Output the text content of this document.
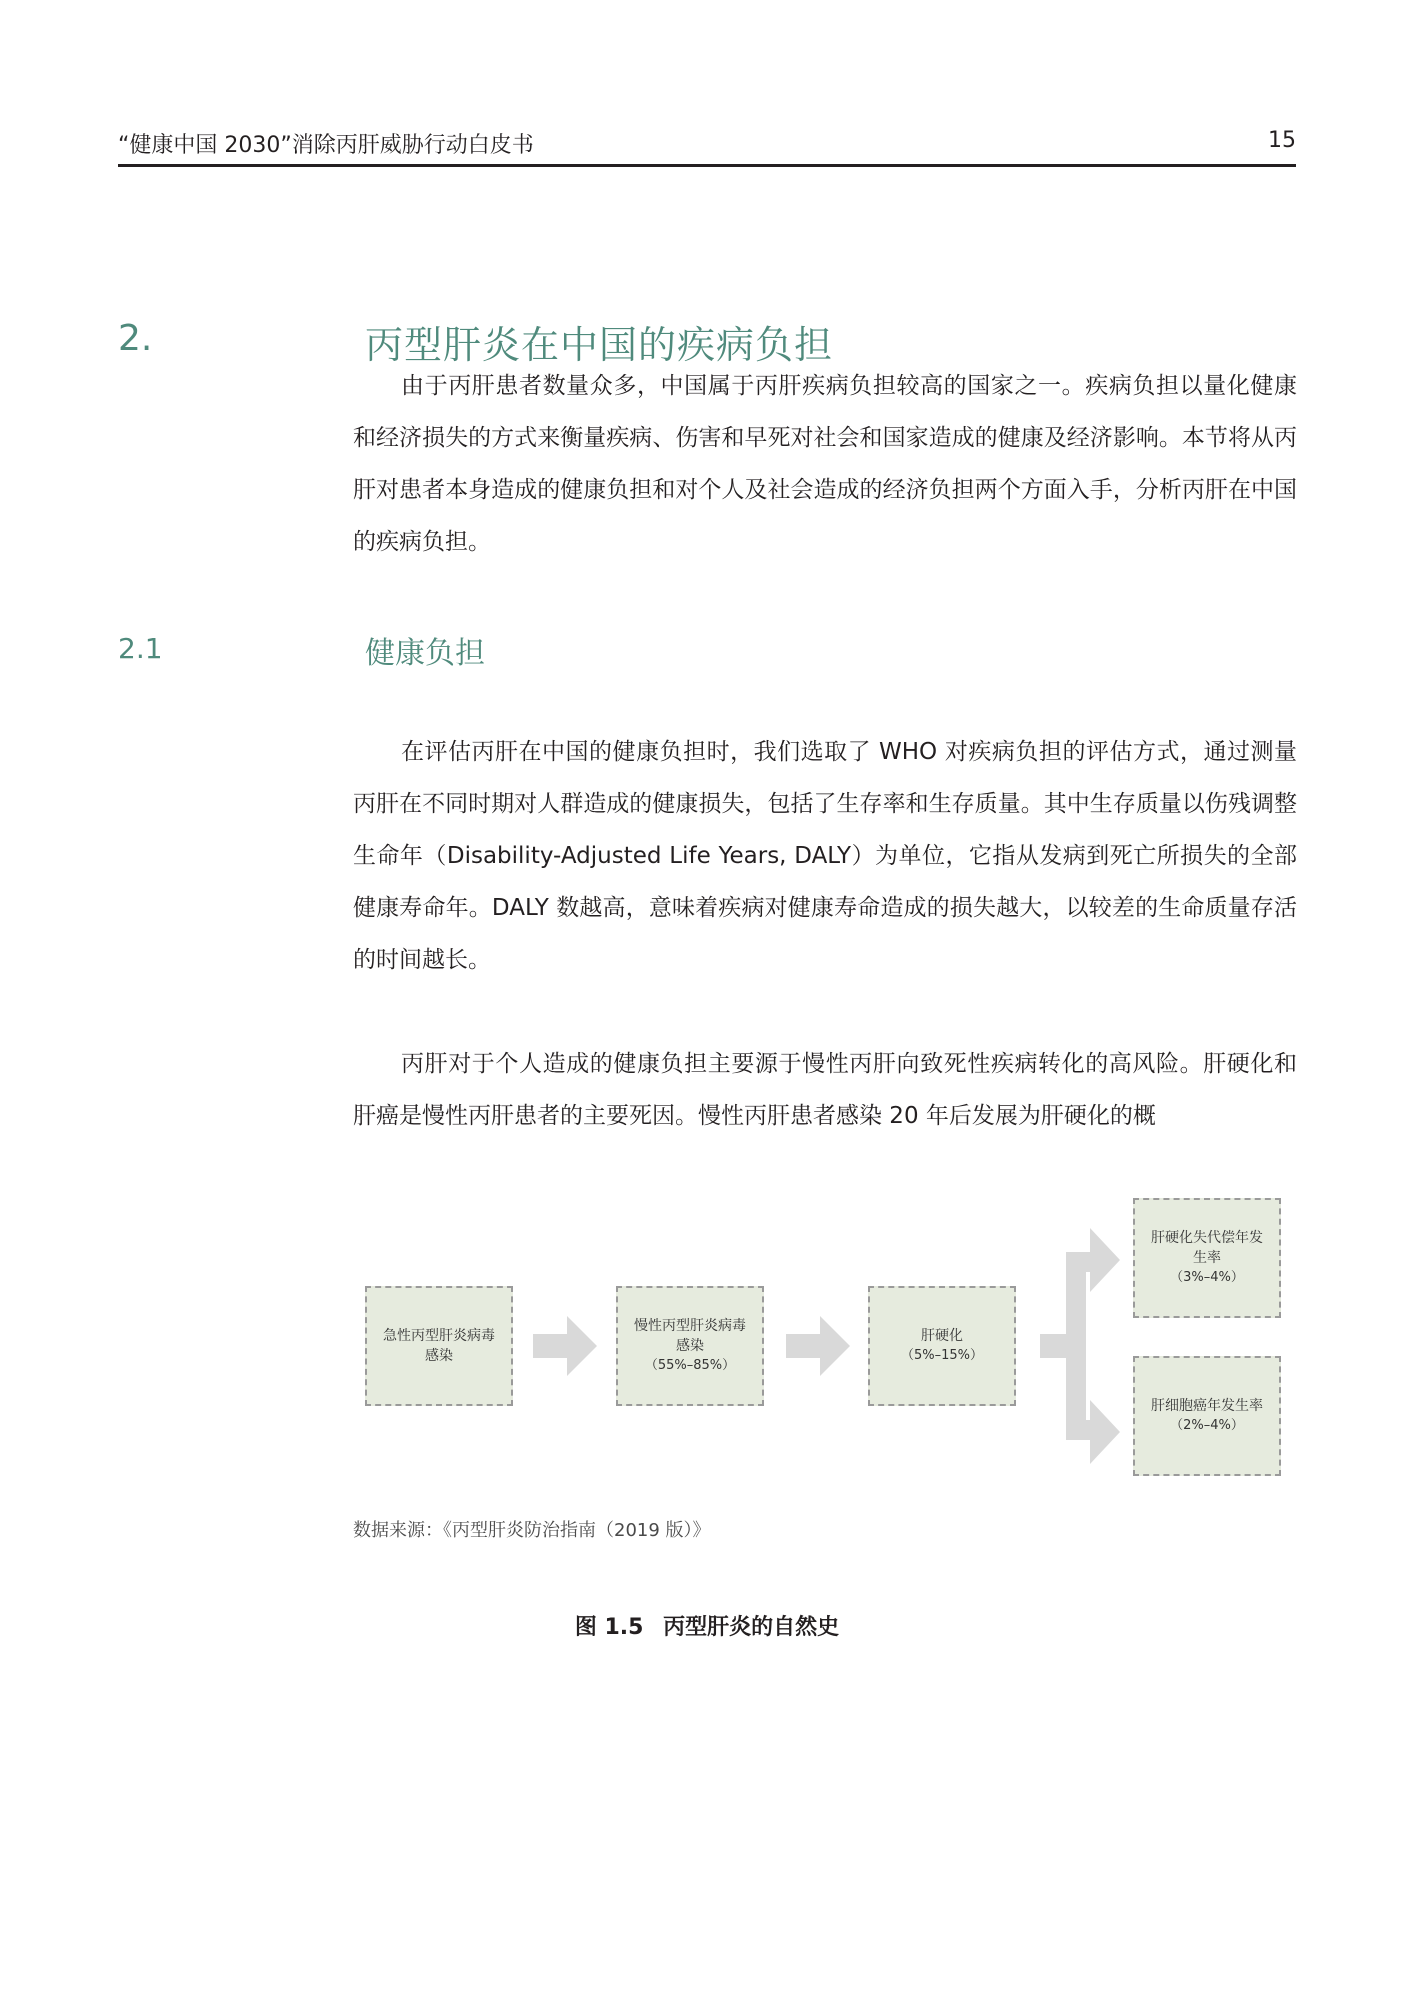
“健康中国 2030”消除丙肝威胁行动白皮书	15
2.	丙型肝炎在中国的疾病负担
由于丙肝患者数量众多，中国属于丙肝疾病负担较高的国家之一。疾病负担以量化健康和经济损失的方式来衡量疾病、伤害和早死对社会和国家造成的健康及经济影响。本节将从丙肝对患者本身造成的健康负担和对个人及社会造成的经济负担两个方面入手，分析丙肝在中国的疾病负担。
2.1	健康负担
在评估丙肝在中国的健康负担时，我们选取了 WHO 对疾病负担的评估方式，通过测量丙肝在不同时期对人群造成的健康损失，包括了生存率和生存质量。其中生存质量以伤残调整生命年（Disability-Adjusted Life Years, DALY）为单位，它指从发病到死亡所损失的全部健康寿命年。DALY 数越高，意味着疾病对健康寿命造成的损失越大，以较差的生命质量存活的时间越长。
丙肝对于个人造成的健康负担主要源于慢性丙肝向致死性疾病转化的高风险。肝硬化和肝癌是慢性丙肝患者的主要死因。慢性丙肝患者感染 20 年后发展为肝硬化的概
急性丙型肝炎病毒感染
慢性丙型肝炎病毒感染
（55%–85%）
肝硬化
（5%–15%）
肝硬化失代偿年发生率
（3%–4%）
肝细胞癌年发生率
（2%–4%）
数据来源：《丙型肝炎防治指南（2019 版）》
图 1.5 丙型肝炎的自然史
